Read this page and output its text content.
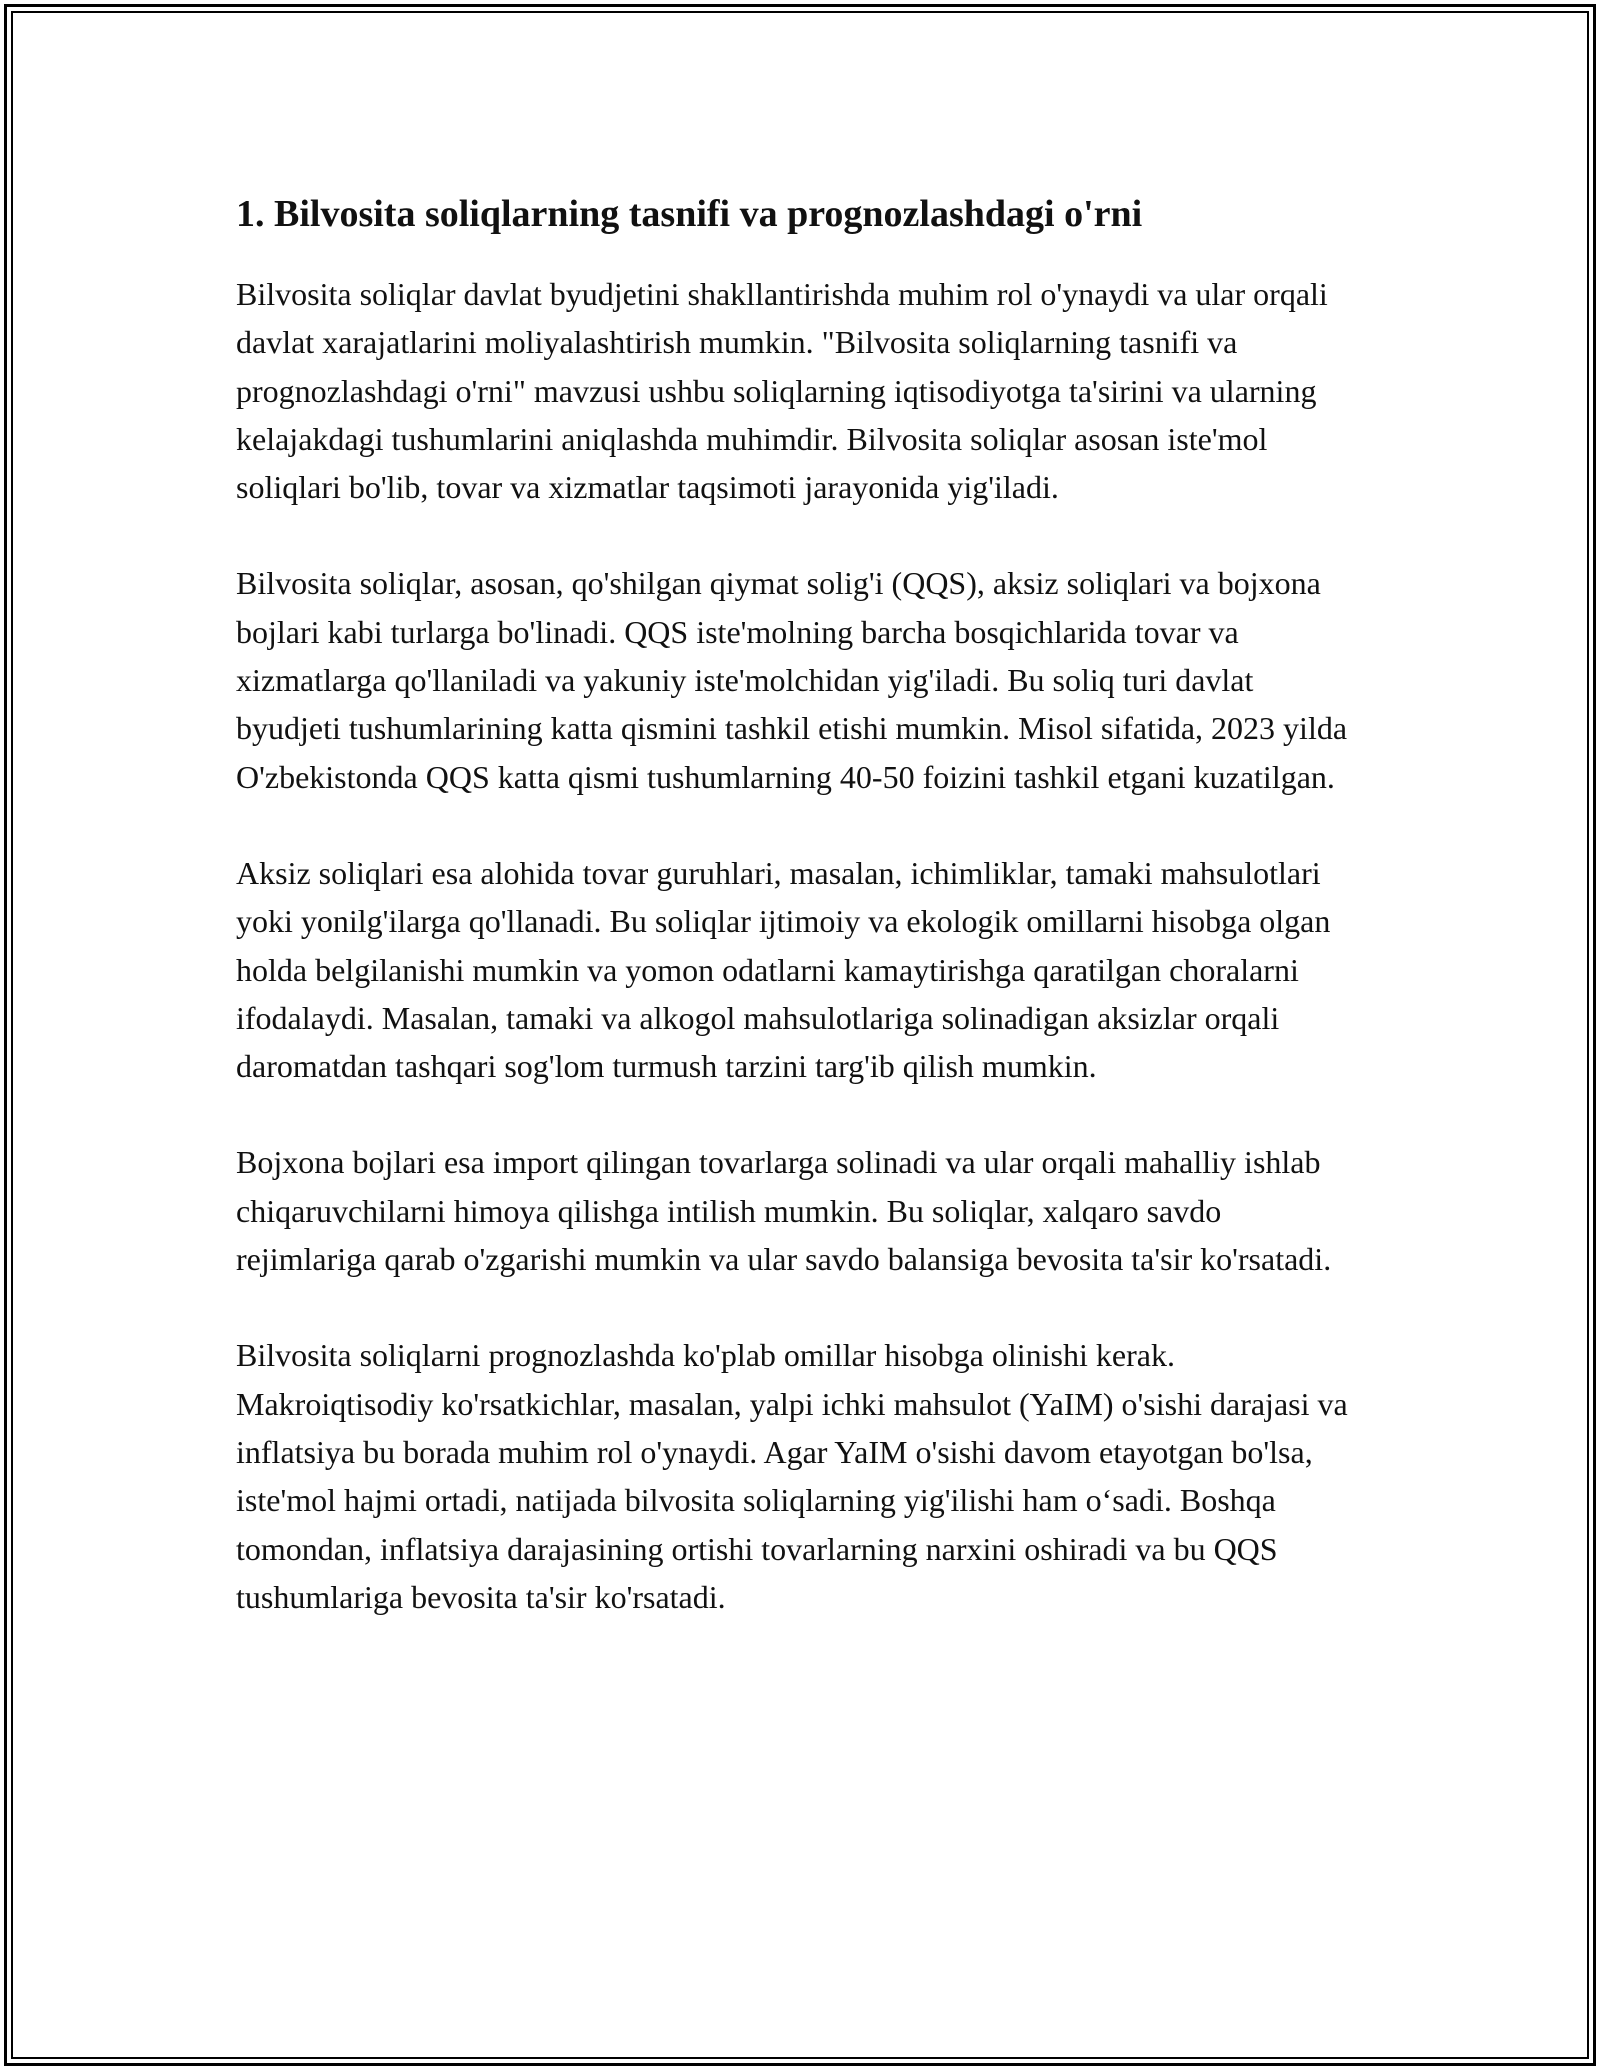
1. Bilvosita soliqlarning tasnifi va prognozlashdagi o'rni

Bilvosita soliqlar davlat byudjetini shakllantirishda muhim rol o'ynaydi va ular orqali davlat xarajatlarini moliyalashtirish mumkin. "Bilvosita soliqlarning tasnifi va prognozlashdagi o'rni" mavzusi ushbu soliqlarning iqtisodiyotga ta'sirini va ularning kelajakdagi tushumlarini aniqlashda muhimdir. Bilvosita soliqlar asosan iste'mol soliqlari bo'lib, tovar va xizmatlar taqsimoti jarayonida yig'iladi.

Bilvosita soliqlar, asosan, qo'shilgan qiymat solig'i (QQS), aksiz soliqlari va bojxona bojlari kabi turlarga bo'linadi. QQS iste'molning barcha bosqichlarida tovar va xizmatlarga qo'llaniladi va yakuniy iste'molchidan yig'iladi. Bu soliq turi davlat byudjeti tushumlarining katta qismini tashkil etishi mumkin. Misol sifatida, 2023 yilda O'zbekistonda QQS katta qismi tushumlarning 40-50 foizini tashkil etgani kuzatilgan.

Aksiz soliqlari esa alohida tovar guruhlari, masalan, ichimliklar, tamaki mahsulotlari yoki yonilg'ilarga qo'llanadi. Bu soliqlar ijtimoiy va ekologik omillarni hisobga olgan holda belgilanishi mumkin va yomon odatlarni kamaytirishga qaratilgan choralarni ifodalaydi. Masalan, tamaki va alkogol mahsulotlariga solinadigan aksizlar orqali daromatdan tashqari sog'lom turmush tarzini targ'ib qilish mumkin.

Bojxona bojlari esa import qilingan tovarlarga solinadi va ular orqali mahalliy ishlab chiqaruvchilarni himoya qilishga intilish mumkin. Bu soliqlar, xalqaro savdo rejimlariga qarab o'zgarishi mumkin va ular savdo balansiga bevosita ta'sir ko'rsatadi.

Bilvosita soliqlarni prognozlashda ko'plab omillar hisobga olinishi kerak. Makroiqtisodiy ko'rsatkichlar, masalan, yalpi ichki mahsulot (YaIM) o'sishi darajasi va inflatsiya bu borada muhim rol o'ynaydi. Agar YaIM o'sishi davom etayotgan bo'lsa, iste'mol hajmi ortadi, natijada bilvosita soliqlarning yig'ilishi ham o‘sadi. Boshqa tomondan, inflatsiya darajasining ortishi tovarlarning narxini oshiradi va bu QQS tushumlariga bevosita ta'sir ko'rsatadi.
